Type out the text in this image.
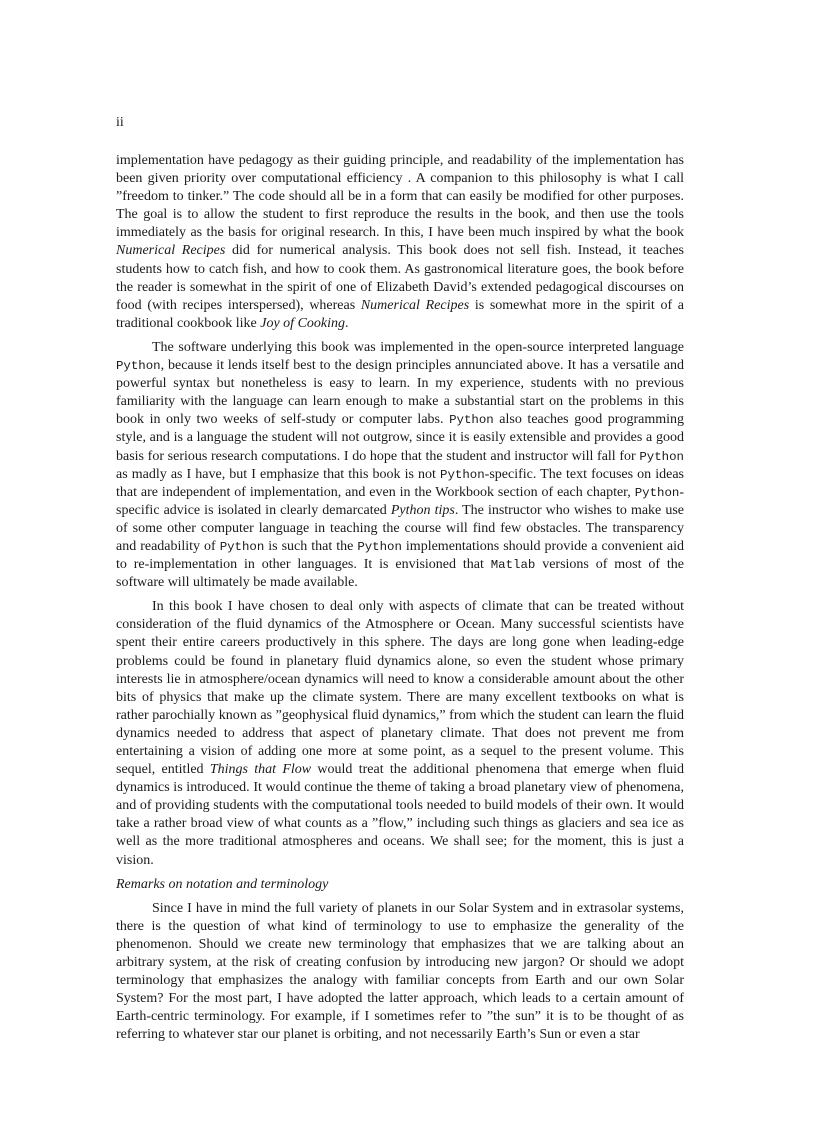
ii

implementation have pedagogy as their guiding principle, and readability of the implementation has been given priority over computational efficiency . A companion to this philosophy is what I call ”freedom to tinker.” The code should all be in a form that can easily be modified for other purposes. The goal is to allow the student to first reproduce the results in the book, and then use the tools immediately as the basis for original research. In this, I have been much inspired by what the book Numerical Recipes did for numerical analysis. This book does not sell fish. Instead, it teaches students how to catch fish, and how to cook them. As gastronomical literature goes, the book before the reader is somewhat in the spirit of one of Elizabeth David’s extended pedagogical discourses on food (with recipes interspersed), whereas Numerical Recipes is somewhat more in the spirit of a traditional cookbook like Joy of Cooking.

The software underlying this book was implemented in the open-source interpreted language Python, because it lends itself best to the design principles annunciated above. It has a versatile and powerful syntax but nonetheless is easy to learn. In my experience, students with no previous familiarity with the language can learn enough to make a substantial start on the problems in this book in only two weeks of self-study or computer labs. Python also teaches good programming style, and is a language the student will not outgrow, since it is easily extensible and provides a good basis for serious research computations. I do hope that the student and instructor will fall for Python as madly as I have, but I emphasize that this book is not Python-specific. The text focuses on ideas that are independent of implementation, and even in the Workbook section of each chapter, Python-specific advice is isolated in clearly demarcated Python tips. The instructor who wishes to make use of some other computer language in teaching the course will find few obstacles. The transparency and readability of Python is such that the Python implementations should provide a convenient aid to re-implementation in other languages. It is envisioned that Matlab versions of most of the software will ultimately be made available.

In this book I have chosen to deal only with aspects of climate that can be treated without consideration of the fluid dynamics of the Atmosphere or Ocean. Many successful scientists have spent their entire careers productively in this sphere. The days are long gone when leading-edge problems could be found in planetary fluid dynamics alone, so even the student whose primary interests lie in atmosphere/ocean dynamics will need to know a considerable amount about the other bits of physics that make up the climate system. There are many excellent textbooks on what is rather parochially known as ”geophysical fluid dynamics,” from which the student can learn the fluid dynamics needed to address that aspect of planetary climate. That does not prevent me from entertaining a vision of adding one more at some point, as a sequel to the present volume. This sequel, entitled Things that Flow would treat the additional phenomena that emerge when fluid dynamics is introduced. It would continue the theme of taking a broad planetary view of phenomena, and of providing students with the computational tools needed to build models of their own. It would take a rather broad view of what counts as a ”flow,” including such things as glaciers and sea ice as well as the more traditional atmospheres and oceans. We shall see; for the moment, this is just a vision.

Remarks on notation and terminology

Since I have in mind the full variety of planets in our Solar System and in extrasolar systems, there is the question of what kind of terminology to use to emphasize the generality of the phenomenon. Should we create new terminology that emphasizes that we are talking about an arbitrary system, at the risk of creating confusion by introducing new jargon? Or should we adopt terminology that emphasizes the analogy with familiar concepts from Earth and our own Solar System? For the most part, I have adopted the latter approach, which leads to a certain amount of Earth-centric terminology. For example, if I sometimes refer to ”the sun” it is to be thought of as referring to whatever star our planet is orbiting, and not necessarily Earth’s Sun or even a star
